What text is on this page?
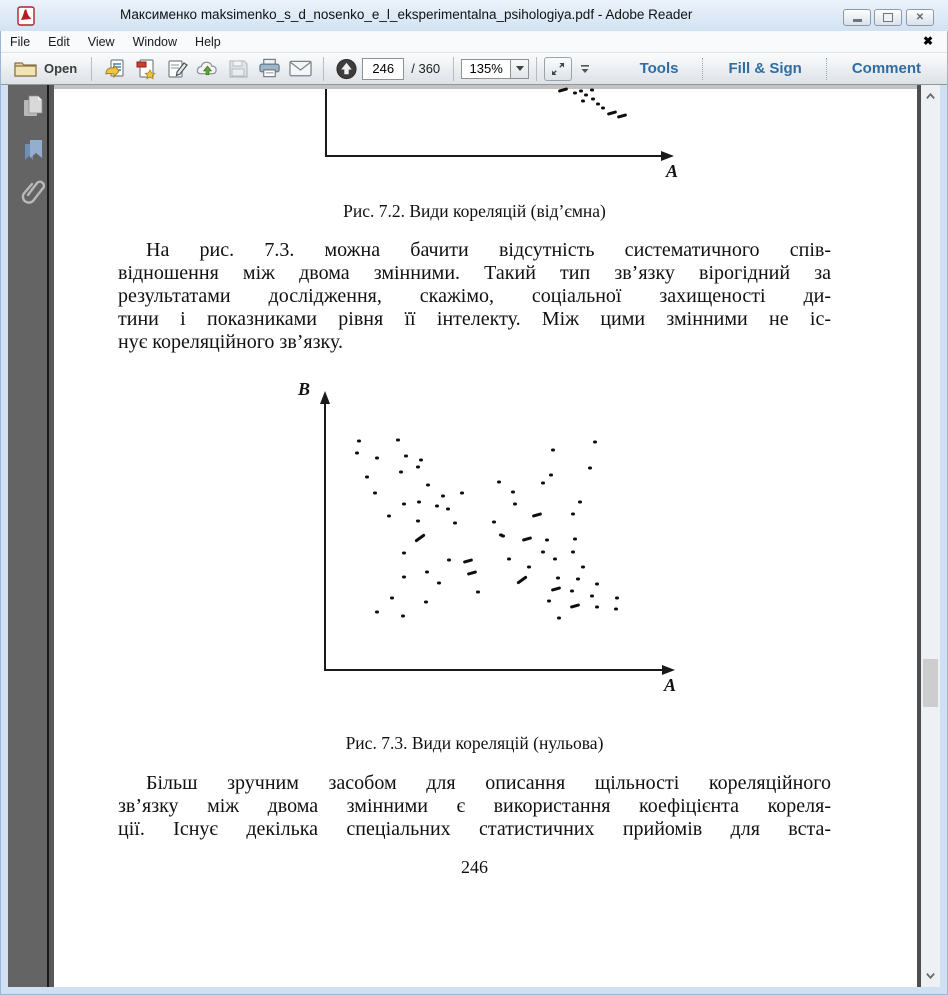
Максименко maksimenko_s_d_nosenko_e_l_eksperimentalna_psihologiya.pdf - Adobe Reader	✕
File	Edit	View	Window	Help	✖
Open
246	/ 360	135%	Tools	Fill & Sign	Comment
A
Рис. 7.2. Види кореляцій (від’ємна)
На рис. 7.3. можна бачити відсутність систематичного спів-
відношення між двома змінними. Такий тип зв’язку вірогідний за
результатами дослідження, скажімо, соціальної захищеності ди-
тини і показниками рівня її інтелекту. Між цими змінними не іс-
нує кореляційного зв’язку.
B
A
Рис. 7.3. Види кореляцій (нульова)
Більш зручним засобом для описання щільності кореляційного
зв’язку між двома змінними є використання коефіцієнта кореля-
ції. Існує декілька спеціальних статистичних прийомів для вста-
246
